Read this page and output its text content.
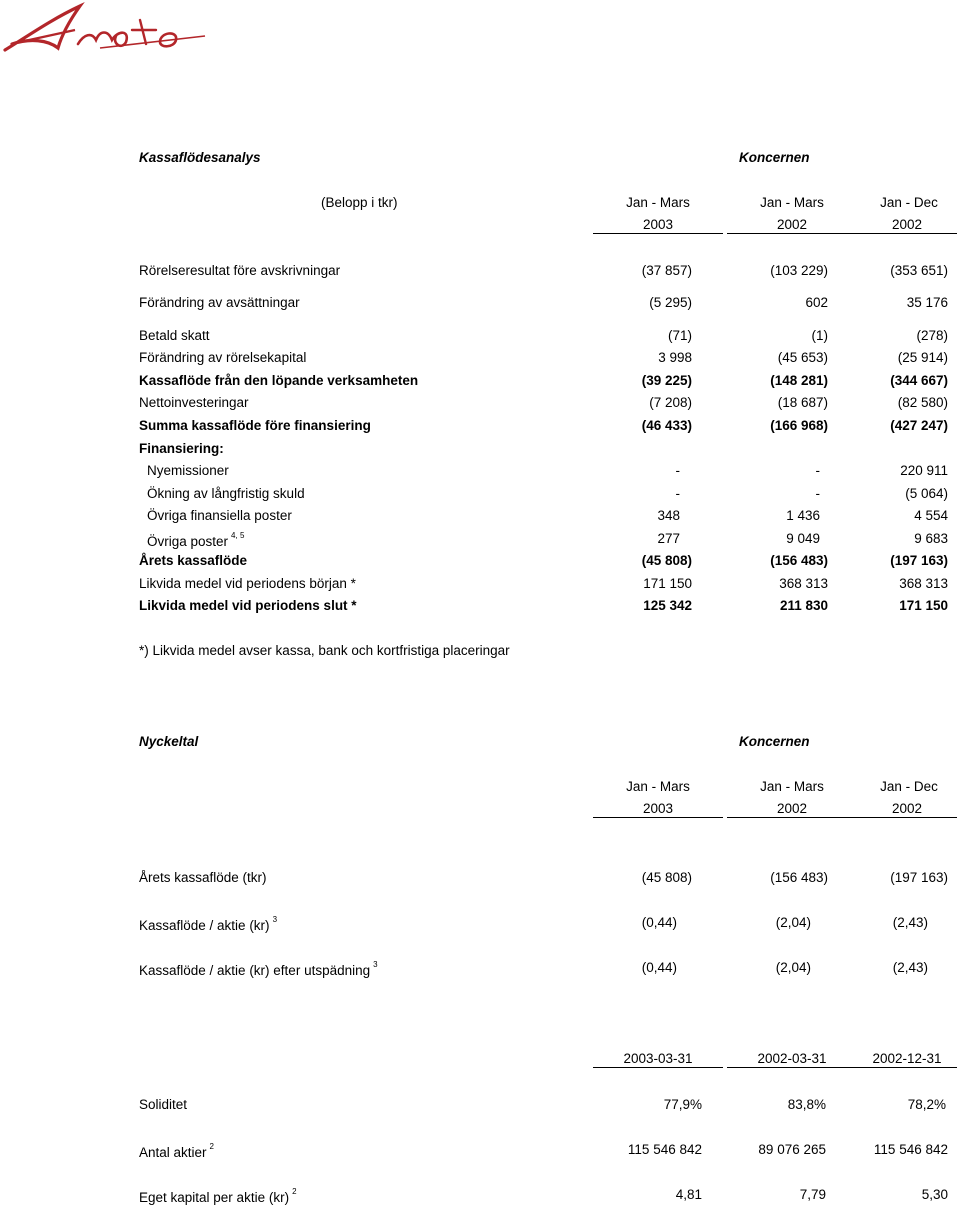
Anoto
Kassaflödesanalys	Koncernen
(Belopp i tkr)	Jan - Mars	Jan - Mars	Jan - Dec
2003	2002	2002
Rörelseresultat före avskrivningar	(37 857)	(103 229)	(353 651)
Förändring av avsättningar	(5 295)	602	35 176
Betald skatt	(71)	(1)	(278)
Förändring av rörelsekapital	3 998	(45 653)	(25 914)
Kassaflöde från den löpande verksamheten	(39 225)	(148 281)	(344 667)
Nettoinvesteringar	(7 208)	(18 687)	(82 580)
Summa kassaflöde före finansiering	(46 433)	(166 968)	(427 247)
Finansiering:
Nyemissioner	-	-	220 911
Ökning av långfristig skuld	-	-	(5 064)
Övriga finansiella poster	348	1 436	4 554
Övriga poster $^{4, 5}$	277	9 049	9 683
Årets kassaflöde	(45 808)	(156 483)	(197 163)
Likvida medel vid periodens början *	171 150	368 313	368 313
Likvida medel vid periodens slut *	125 342	211 830	171 150
*) Likvida medel avser kassa, bank och kortfristiga placeringar
Nyckeltal	Koncernen
Jan - Mars	Jan - Mars	Jan - Dec
2003	2002	2002
Årets kassaflöde (tkr)	(45 808)	(156 483)	(197 163)
Kassaflöde / aktie (kr) $^3$	(0,44)	(2,04)	(2,43)
Kassaflöde / aktie (kr) efter utspädning $^3$	(0,44)	(2,04)	(2,43)
2003-03-31	2002-03-31	2002-12-31
Soliditet	77,9%	83,8%	78,2%
Antal aktier $^2$	115 546 842	89 076 265	115 546 842
Eget kapital per aktie (kr) $^2$	4,81	7,79	5,30
